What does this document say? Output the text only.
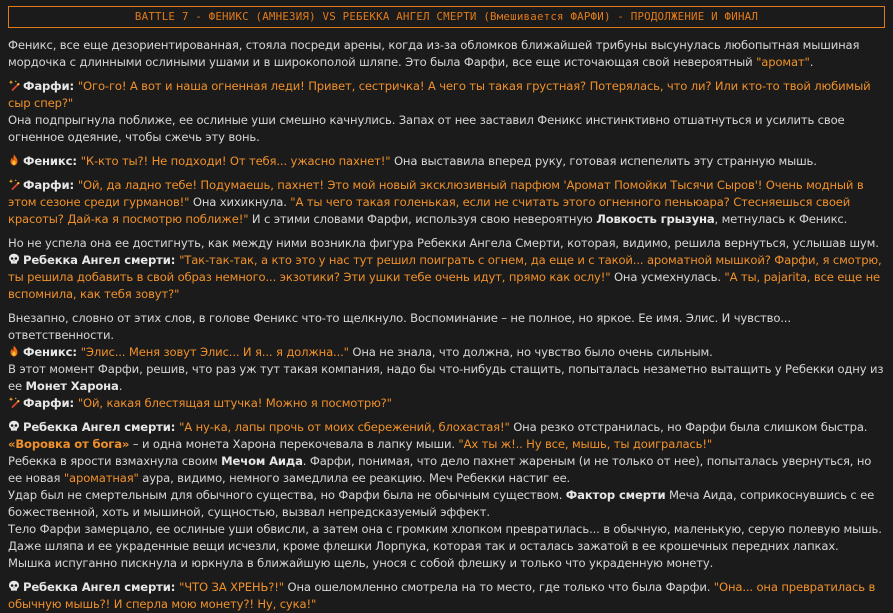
BATTLE 7 - ФЕНИКС (АМНЕЗИЯ) VS РЕБЕККА АНГЕЛ СМЕРТИ (Вмешивается ФАРФИ) - ПРОДОЛЖЕНИЕ И ФИНАЛ

Феникс, все еще дезориентированная, стояла посреди арены, когда из-за обломков ближайшей трибуны высунулась любопытная мышиная мордочка с длинными ослиными ушами и в широкополой шляпе. Это была Фарфи, все еще источающая свой невероятный "аромат".

Фарфи: "Ого-го! А вот и наша огненная леди! Привет, сестричка! А чего ты такая грустная? Потерялась, что ли? Или кто-то твой любимый сыр спер?"

Она подпрыгнула поближе, ее ослиные уши смешно качнулись. Запах от нее заставил Феникс инстинктивно отшатнуться и усилить свое огненное одеяние, чтобы сжечь эту вонь.

Феникс: "К-кто ты?! Не подходи! От тебя... ужасно пахнет!" Она выставила вперед руку, готовая испепелить эту странную мышь.

Фарфи: "Ой, да ладно тебе! Подумаешь, пахнет! Это мой новый эксклюзивный парфюм 'Аромат Помойки Тысячи Сыров'! Очень модный в этом сезоне среди гурманов!" Она хихикнула. "А ты чего такая голенькая, если не считать этого огненного пеньюара? Стесняешься своей красоты? Дай-ка я посмотрю поближе!" И с этими словами Фарфи, используя свою невероятную Ловкость грызуна, метнулась к Феникс.

Но не успела она ее достигнуть, как между ними возникла фигура Ребекки Ангела Смерти, которая, видимо, решила вернуться, услышав шум.

Ребекка Ангел смерти: "Так-так-так, а кто это у нас тут решил поиграть с огнем, да еще и с такой... ароматной мышкой? Фарфи, я смотрю, ты решила добавить в свой образ немного... экзотики? Эти ушки тебе очень идут, прямо как ослу!" Она усмехнулась. "А ты, pajarita, все еще не вспомнила, как тебя зовут?"

Внезапно, словно от этих слов, в голове Феникс что-то щелкнуло. Воспоминание – не полное, но яркое. Ее имя. Элис. И чувство... ответственности.

Феникс: "Элис... Меня зовут Элис... И я... я должна..." Она не знала, что должна, но чувство было очень сильным.

В этот момент Фарфи, решив, что раз уж тут такая компания, надо бы что-нибудь стащить, попыталась незаметно вытащить у Ребекки одну из ее Монет Харона.

Фарфи: "Ой, какая блестящая штучка! Можно я посмотрю?"

Ребекка Ангел смерти: "А ну-ка, лапы прочь от моих сбережений, блохастая!" Она резко отстранилась, но Фарфи была слишком быстра. «Воровка от бога» – и одна монета Харона перекочевала в лапку мыши. "Ах ты ж!.. Ну все, мышь, ты доигралась!"

Ребекка в ярости взмахнула своим Мечом Аида. Фарфи, понимая, что дело пахнет жареным (и не только от нее), попыталась увернуться, но ее новая "ароматная" аура, видимо, немного замедлила ее реакцию. Меч Ребекки настиг ее.

Удар был не смертельным для обычного существа, но Фарфи была не обычным существом. Фактор смерти Меча Аида, соприкоснувшись с ее божественной, хоть и мышиной, сущностью, вызвал непредсказуемый эффект.

Тело Фарфи замерцало, ее ослиные уши обвисли, а затем она с громким хлопком превратилась... в обычную, маленькую, серую полевую мышь. Даже шляпа и ее украденные вещи исчезли, кроме флешки Лорпука, которая так и осталась зажатой в ее крошечных передних лапках. Мышка испуганно пискнула и юркнула в ближайшую щель, унося с собой флешку и только что украденную монету.

Ребекка Ангел смерти: "ЧТО ЗА ХРЕНЬ?!" Она ошеломленно смотрела на то место, где только что была Фарфи. "Она... она превратилась в обычную мышь?! И сперла мою монету?! Ну, сука!"
